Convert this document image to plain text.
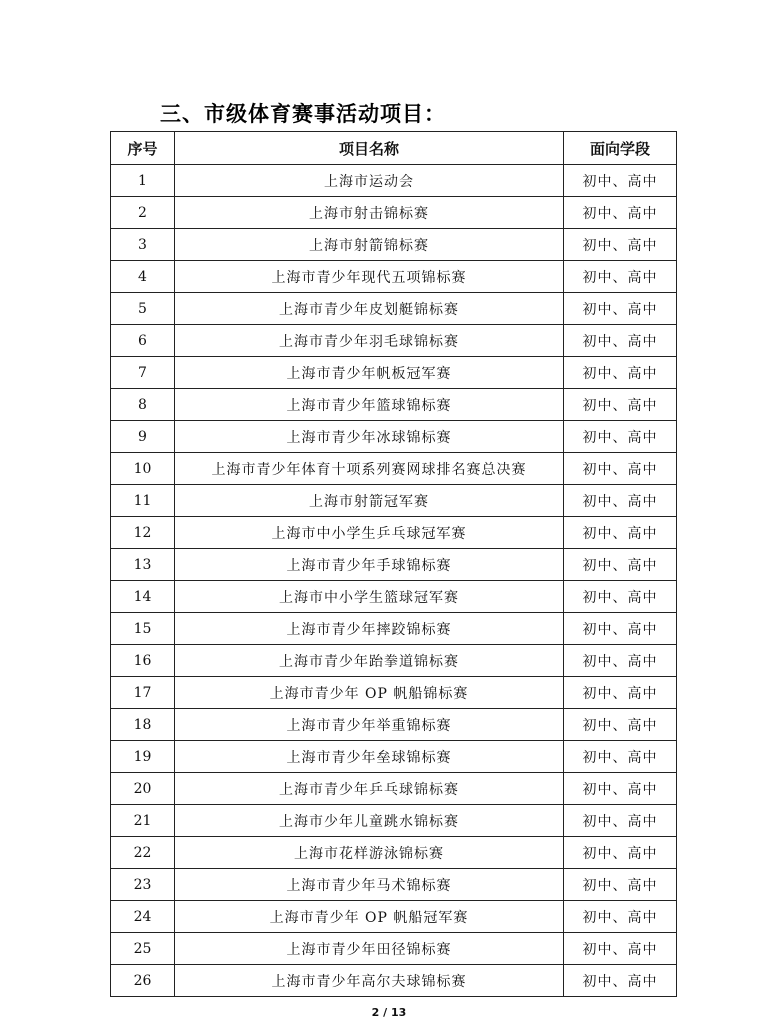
三、市级体育赛事活动项目：
序号	项目名称	面向学段
1	上海市运动会	初中、高中
2	上海市射击锦标赛	初中、高中
3	上海市射箭锦标赛	初中、高中
4	上海市青少年现代五项锦标赛	初中、高中
5	上海市青少年皮划艇锦标赛	初中、高中
6	上海市青少年羽毛球锦标赛	初中、高中
7	上海市青少年帆板冠军赛	初中、高中
8	上海市青少年篮球锦标赛	初中、高中
9	上海市青少年冰球锦标赛	初中、高中
10	上海市青少年体育十项系列赛网球排名赛总决赛	初中、高中
11	上海市射箭冠军赛	初中、高中
12	上海市中小学生乒乓球冠军赛	初中、高中
13	上海市青少年手球锦标赛	初中、高中
14	上海市中小学生篮球冠军赛	初中、高中
15	上海市青少年摔跤锦标赛	初中、高中
16	上海市青少年跆拳道锦标赛	初中、高中
17	上海市青少年 OP 帆船锦标赛	初中、高中
18	上海市青少年举重锦标赛	初中、高中
19	上海市青少年垒球锦标赛	初中、高中
20	上海市青少年乒乓球锦标赛	初中、高中
21	上海市少年儿童跳水锦标赛	初中、高中
22	上海市花样游泳锦标赛	初中、高中
23	上海市青少年马术锦标赛	初中、高中
24	上海市青少年 OP 帆船冠军赛	初中、高中
25	上海市青少年田径锦标赛	初中、高中
26	上海市青少年高尔夫球锦标赛	初中、高中
2 / 13
